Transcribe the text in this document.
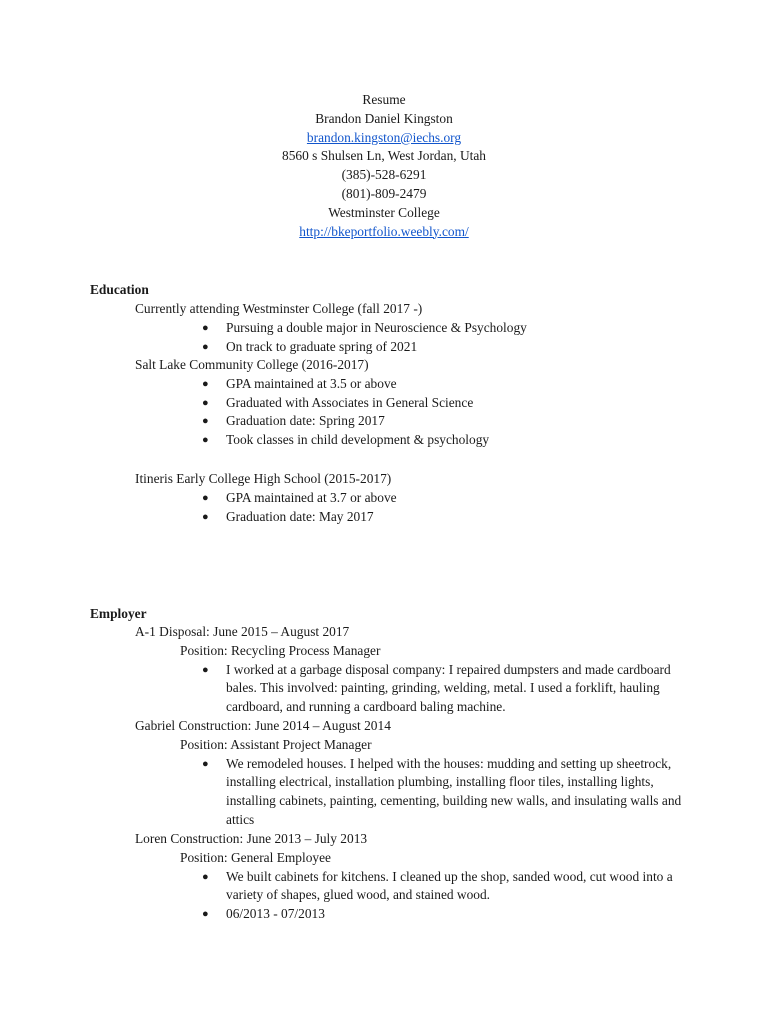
Resume
Brandon Daniel Kingston
brandon.kingston@iechs.org
8560 s Shulsen Ln, West Jordan, Utah
(385)-528-6291
(801)-809-2479
Westminster College
http://bkeportfolio.weebly.com/
Education
Currently attending Westminster College (fall 2017 -)
● Pursuing a double major in Neuroscience & Psychology
● On track to graduate spring of 2021
Salt Lake Community College (2016-2017)
● GPA maintained at 3.5 or above
● Graduated with Associates in General Science
● Graduation date: Spring 2017
● Took classes in child development & psychology
Itineris Early College High School (2015-2017)
● GPA maintained at 3.7 or above
● Graduation date: May 2017
Employer
A-1 Disposal: June 2015 – August 2017
Position: Recycling Process Manager
● I worked at a garbage disposal company: I repaired dumpsters and made cardboard bales. This involved: painting, grinding, welding, metal. I used a forklift, hauling cardboard, and running a cardboard baling machine.
Gabriel Construction: June 2014 – August 2014
Position: Assistant Project Manager
● We remodeled houses. I helped with the houses: mudding and setting up sheetrock, installing electrical, installation plumbing, installing floor tiles, installing lights, installing cabinets, painting, cementing, building new walls, and insulating walls and attics
Loren Construction: June 2013 – July 2013
Position: General Employee
● We built cabinets for kitchens. I cleaned up the shop, sanded wood, cut wood into a variety of shapes, glued wood, and stained wood.
● 06/2013 - 07/2013
